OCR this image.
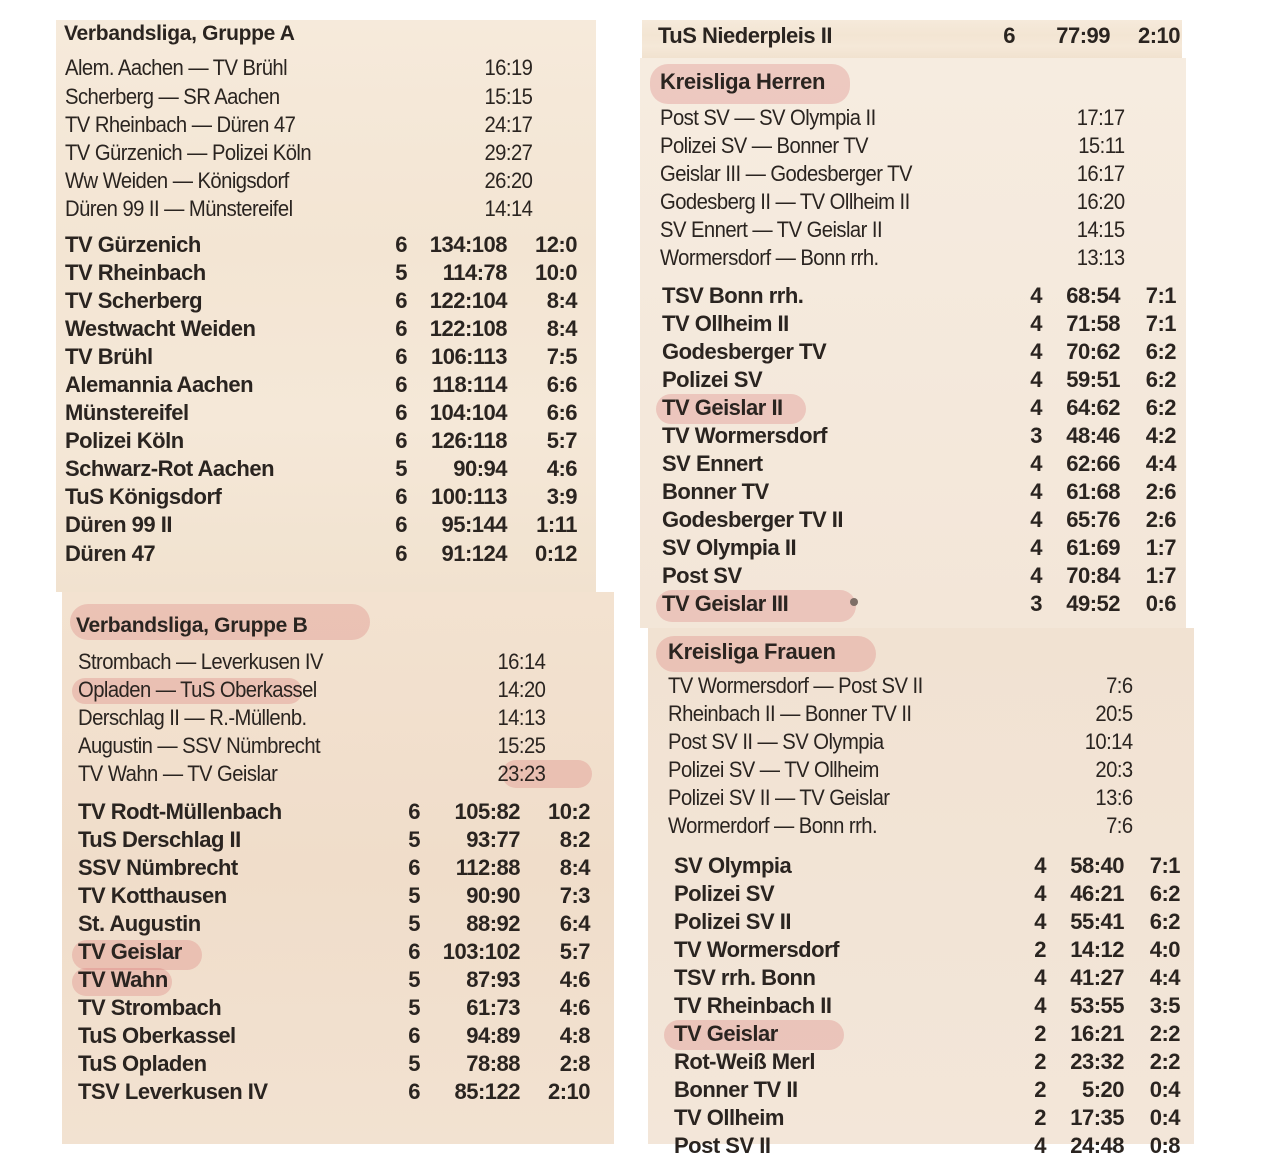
Verbandsliga, Gruppe A
Alem. Aachen — TV Brühl	16:19
Scherberg — SR Aachen	15:15
TV Rheinbach — Düren 47	24:17
TV Gürzenich — Polizei Köln	29:27
Ww Weiden — Königsdorf	26:20
Düren 99 II — Münstereifel	14:14
TV Gürzenich	6 134:108 12:0
TV Rheinbach	5 114:78 10:0
TV Scherberg	6 122:104 8:4
Westwacht Weiden	6 122:108 8:4
TV Brühl	6 106:113 7:5
Alemannia Aachen	6 118:114 6:6
Münstereifel	6 104:104 6:6
Polizei Köln	6 126:118 5:7
Schwarz-Rot Aachen	5 90:94 4:6
TuS Königsdorf	6 100:113 3:9
Düren 99 II	6 95:144 1:11
Düren 47	6 91:124 0:12
Verbandsliga, Gruppe B
Strombach — Leverkusen IV	16:14
Opladen — TuS Oberkassel	14:20
Derschlag II — R.-Müllenb.	14:13
Augustin — SSV Nümbrecht	15:25
TV Wahn — TV Geislar	23:23
TV Rodt-Müllenbach	6 105:82 10:2
TuS Derschlag II	5 93:77 8:2
SSV Nümbrecht	6 112:88 8:4
TV Kotthausen	5 90:90 7:3
St. Augustin	5 88:92 6:4
TV Geislar	6 103:102 5:7
TV Wahn	5 87:93 4:6
TV Strombach	5 61:73 4:6
TuS Oberkassel	6 94:89 4:8
TuS Opladen	5 78:88 2:8
TSV Leverkusen IV	6 85:122 2:10
TuS Niederpleis II	6 77:99 2:10
Kreisliga Herren
Post SV — SV Olympia II	17:17
Polizei SV — Bonner TV	15:11
Geislar III — Godesberger TV	16:17
Godesberg II — TV Ollheim II	16:20
SV Ennert — TV Geislar II	14:15
Wormersdorf — Bonn rrh.	13:13
TSV Bonn rrh.	4 68:54 7:1
TV Ollheim II	4 71:58 7:1
Godesberger TV	4 70:62 6:2
Polizei SV	4 59:51 6:2
TV Geislar II	4 64:62 6:2
TV Wormersdorf	3 48:46 4:2
SV Ennert	4 62:66 4:4
Bonner TV	4 61:68 2:6
Godesberger TV II	4 65:76 2:6
SV Olympia II	4 61:69 1:7
Post SV	4 70:84 1:7
TV Geislar III	3 49:52 0:6
Kreisliga Frauen
TV Wormersdorf — Post SV II	7:6
Rheinbach II — Bonner TV II	20:5
Post SV II — SV Olympia	10:14
Polizei SV — TV Ollheim	20:3
Polizei SV II — TV Geislar	13:6
Wormerdorf — Bonn rrh.	7:6
SV Olympia	4 58:40 7:1
Polizei SV	4 46:21 6:2
Polizei SV II	4 55:41 6:2
TV Wormersdorf	2 14:12 4:0
TSV rrh. Bonn	4 41:27 4:4
TV Rheinbach II	4 53:55 3:5
TV Geislar	2 16:21 2:2
Rot-Weiß Merl	2 23:32 2:2
Bonner TV II	2 5:20 0:4
TV Ollheim	2 17:35 0:4
Post SV II	4 24:48 0:8
